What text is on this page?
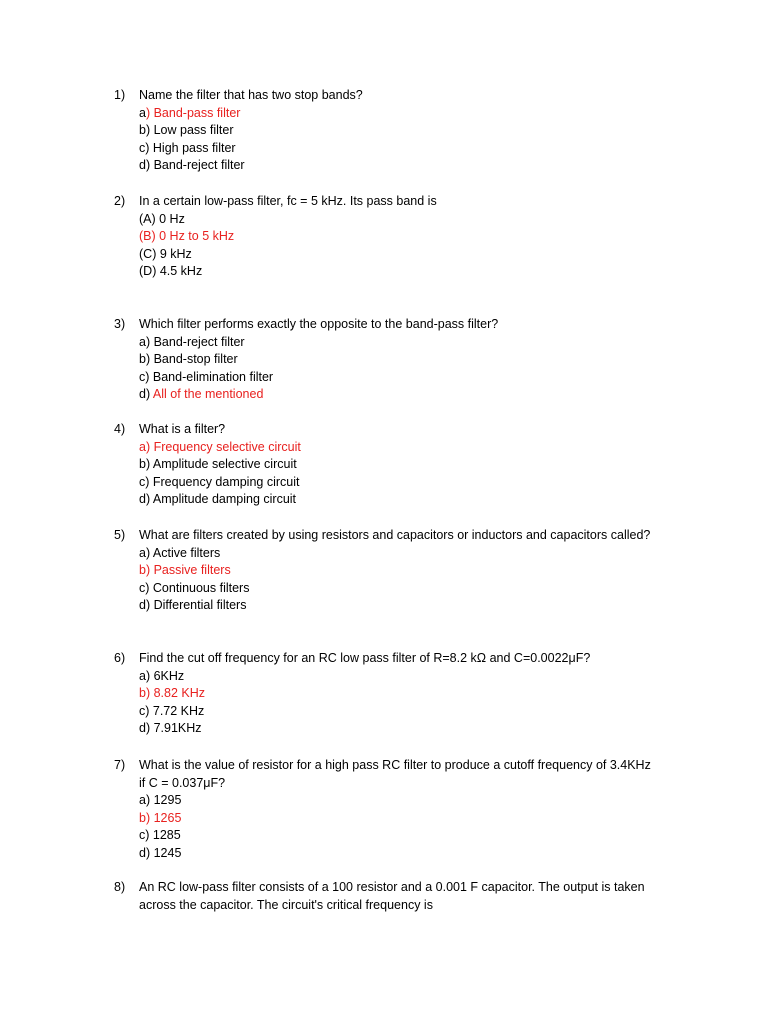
1)	Name the filter that has two stop bands?
a) Band-pass filter
b) Low pass filter
c) High pass filter
d) Band-reject filter
2)	In a certain low-pass filter, fc = 5 kHz. Its pass band is
(A) 0 Hz
(B) 0 Hz to 5 kHz
(C) 9 kHz
(D) 4.5 kHz
3)	Which filter performs exactly the opposite to the band-pass filter?
a) Band-reject filter
b) Band-stop filter
c) Band-elimination filter
d) All of the mentioned
4)	What is a filter?
a) Frequency selective circuit
b) Amplitude selective circuit
c) Frequency damping circuit
d) Amplitude damping circuit
5)	What are filters created by using resistors and capacitors or inductors and capacitors called?
a) Active filters
b) Passive filters
c) Continuous filters
d) Differential filters
6)	Find the cut off frequency for an RC low pass filter of R=8.2 kΩ and C=0.0022μF?
a) 6KHz
b) 8.82 KHz
c) 7.72 KHz
d) 7.91KHz
7)	What is the value of resistor for a high pass RC filter to produce a cutoff frequency of 3.4KHz
if C = 0.037μF?
a) 1295
b) 1265
c) 1285
d) 1245
8)	An RC low-pass filter consists of a 100 resistor and a 0.001 F capacitor. The output is taken
across the capacitor. The circuit's critical frequency is
